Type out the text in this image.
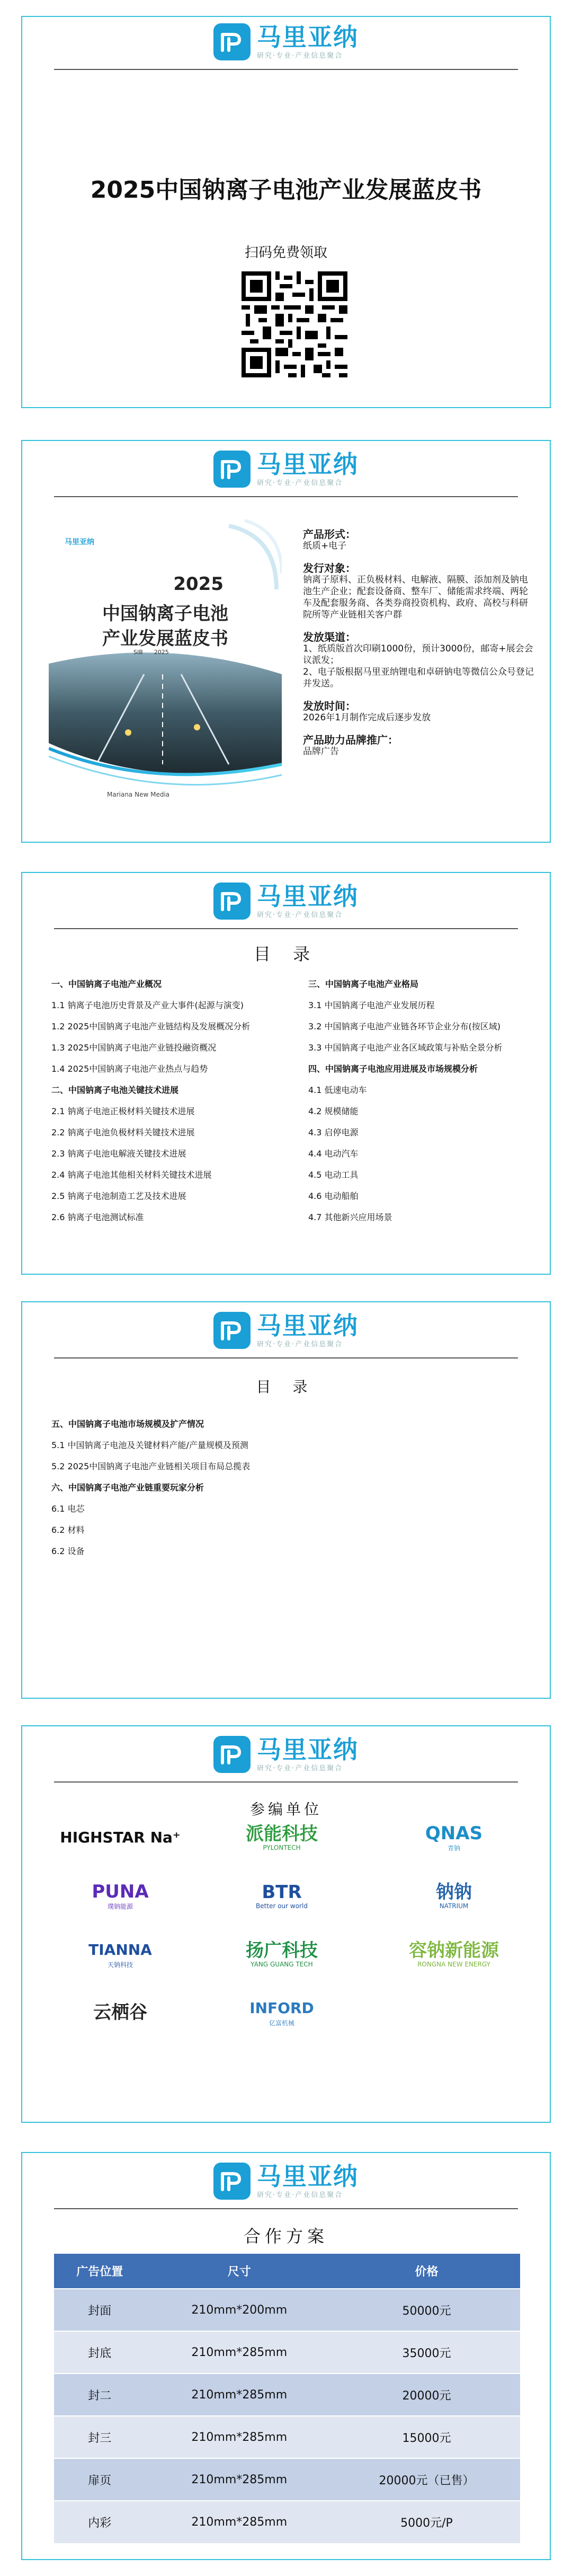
马里亚纳
研究·专业·产业信息聚合
2025中国钠离子电池产业发展蓝皮书
扫码免费领取
马里亚纳
研究·专业·产业信息聚合
马里亚纳
2025
中国钠离子电池
产业发展蓝皮书
SIB 2025
Mariana New Media
产品形式：
纸质+电子
发行对象：
钠离子原料、正负极材料、电解液、隔膜、添加剂及钠电池生产企业；配套设备商、整车厂、储能需求终端、两轮车及配套服务商、各类券商投资机构、政府、高校与科研院所等产业链相关客户群
发放渠道：
1、纸质版首次印刷1000份，预计3000份，邮寄+展会会议派发；
2、电子版根据马里亚纳锂电和卓研钠电等微信公众号登记并发送。
发放时间：
2026年1月制作完成后逐步发放
产品助力品牌推广：
品牌广告
马里亚纳
研究·专业·产业信息聚合
目 录
一、中国钠离子电池产业概况
1.1 钠离子电池历史背景及产业大事件(起源与演变)
1.2 2025中国钠离子电池产业链结构及发展概况分析
1.3 2025中国钠离子电池产业链投融资概况
1.4 2025中国钠离子电池产业热点与趋势
二、中国钠离子电池关键技术进展
2.1 钠离子电池正极材料关键技术进展
2.2 钠离子电池负极材料关键技术进展
2.3 钠离子电池电解液关键技术进展
2.4 钠离子电池其他相关材料关键技术进展
2.5 钠离子电池制造工艺及技术进展
2.6 钠离子电池测试标准
三、中国钠离子电池产业格局
3.1 中国钠离子电池产业发展历程
3.2 中国钠离子电池产业链各环节企业分布(按区域)
3.3 中国钠离子电池产业各区域政策与补贴全景分析
四、中国钠离子电池应用进展及市场规模分析
4.1 低速电动车
4.2 规模储能
4.3 启停电源
4.4 电动汽车
4.5 电动工具
4.6 电动船舶
4.7 其他新兴应用场景
马里亚纳
研究·专业·产业信息聚合
目 录
五、中国钠离子电池市场规模及扩产情况
5.1 中国钠离子电池及关键材料产能/产量规模及预测
5.2 2025中国钠离子电池产业链相关项目布局总揽表
六、中国钠离子电池产业链重要玩家分析
6.1 电芯
6.2 材料
6.2 设备
马里亚纳
研究·专业·产业信息聚合
参编单位
HIGHSTAR Na⁺	派能科技
PYLONTECH
QNAS
青钠
PUNA
璞钠能源
BTR
Better our world
钠钠
NATRIUM
TIANNA
天钠科技
扬广科技
YANG GUANG TECH
容钠新能源
RONGNA NEW ENERGY
云栖谷	INFORD
亿富机械
马里亚纳
研究·专业·产业信息聚合
合作方案
广告位置	尺寸	价格
封面	210mm*200mm	50000元
封底	210mm*285mm	35000元
封二	210mm*285mm	20000元
封三	210mm*285mm	15000元
扉页	210mm*285mm	20000元（已售）
内彩	210mm*285mm	5000元/P
